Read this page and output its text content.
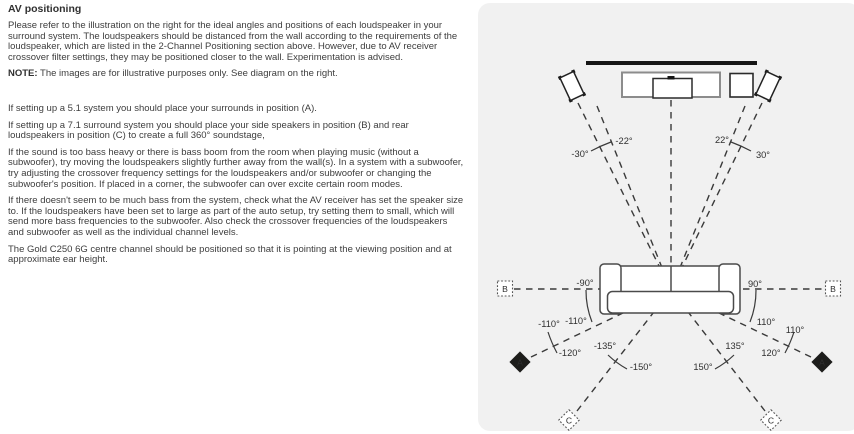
AV positioning

Please refer to the illustration on the right for the ideal angles and positions of each loudspeaker in your surround system. The loudspeakers should be distanced from the wall according to the requirements of the loudspeaker, which are listed in the 2-Channel Positioning section above. However, due to AV receiver crossover filter settings, they may be positioned closer to the wall. Experimentation is advised.

NOTE: The images are for illustrative purposes only. See diagram on the right.

If setting up a 5.1 system you should place your surrounds in position (A).

If setting up a 7.1 surround system you should place your side speakers in position (B) and rear loudspeakers in position (C) to create a full 360° soundstage,

If the sound is too bass heavy or there is bass boom from the room when playing music (without a subwoofer), try moving the loudspeakers slightly further away from the wall(s). In a system with a subwoofer, try adjusting the crossover frequency settings for the loudspeakers and/or subwoofer or changing the subwoofer's position. If placed in a corner, the subwoofer can over excite certain room modes.

If there doesn't seem to be much bass from the system, check what the AV receiver has set the speaker size to. If the loudspeakers have been set to large as part of the auto setup, try setting them to small, which will send more bass frequencies to the subwoofer. Also check the crossover frequencies of the loudspeakers and subwoofer as well as the individual channel levels.

The Gold C250 6G centre channel should be positioned so that it is pointing at the viewing position and at approximate ear height.

B	B
A	A
C	C
-22°
-30°
22°
30°
-90°	90°
-110° -110°	110°
110°
-120°	120°
-135°	135°
-150°	150°
